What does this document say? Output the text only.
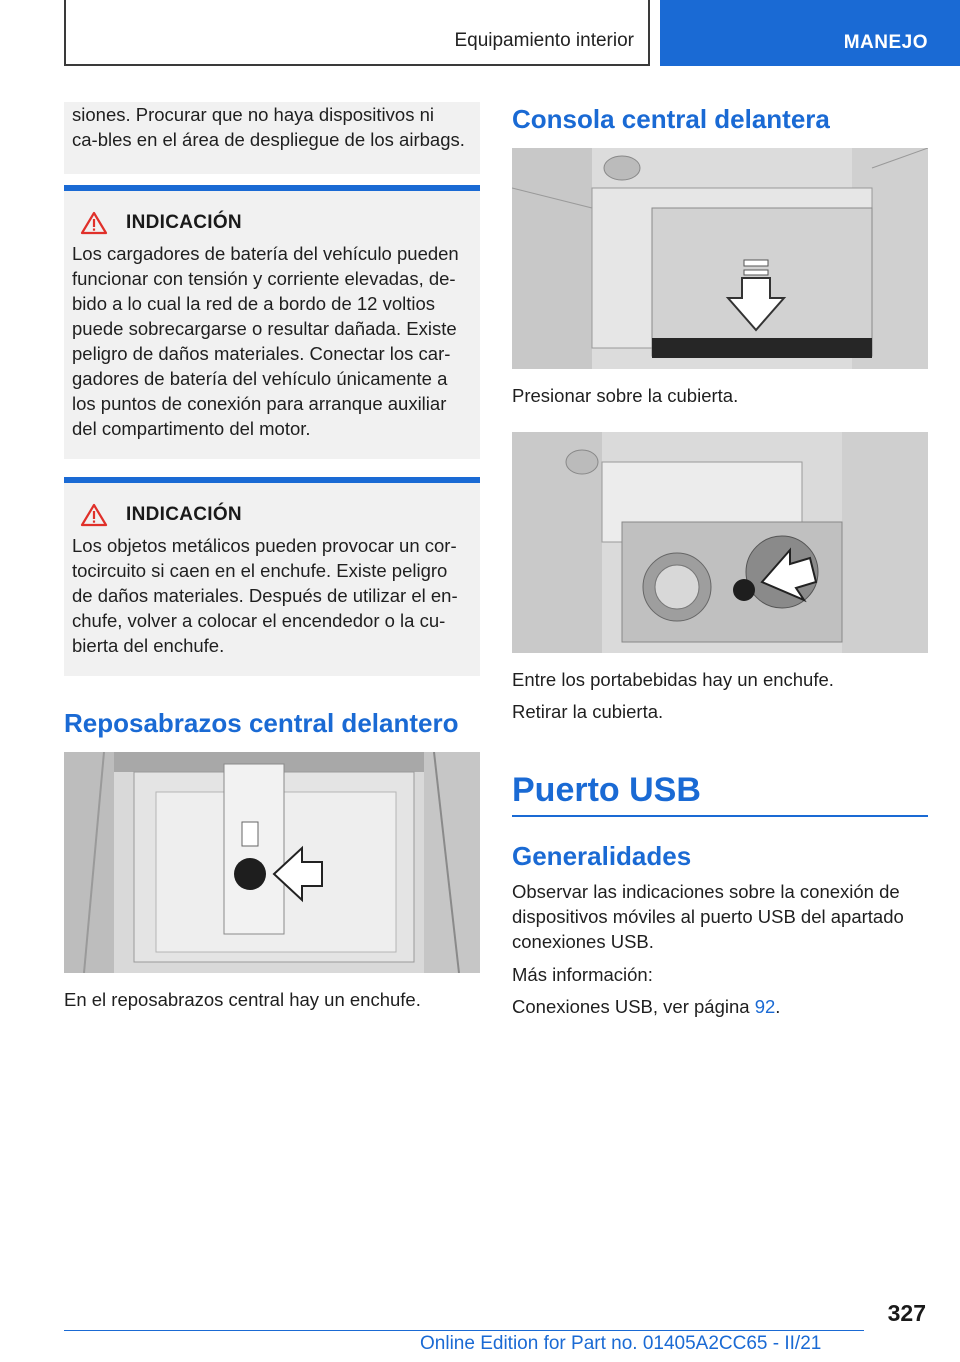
Equipamiento interior	MANEJO

siones. Procurar que no haya dispositivos ni ca‑bles en el área de despliegue de los airbags.

INDICACIÓN
Los cargadores de batería del vehículo pueden
funcionar con tensión y corriente elevadas, de‑
bido a lo cual la red de a bordo de 12 voltios
puede sobrecargarse o resultar dañada. Existe
peligro de daños materiales. Conectar los car‑
gadores de batería del vehículo únicamente a
los puntos de conexión para arranque auxiliar
del compartimento del motor.
INDICACIÓN
Los objetos metálicos pueden provocar un cor‑
tocircuito si caen en el enchufe. Existe peligro
de daños materiales. Después de utilizar el en‑
chufe, volver a colocar el encendedor o la cu‑
bierta del enchufe.
Reposabrazos central delantero

En el reposabrazos central hay un enchufe.

Consola central delantera

Presionar sobre la cubierta.

Entre los portabebidas hay un enchufe.

Retirar la cubierta.

Puerto USB
Generalidades
Observar las indicaciones sobre la conexión de
dispositivos móviles al puerto USB del apartado
conexiones USB.

Más información:

Conexiones USB, ver página 92.

327
Online Edition for Part no. 01405A2CC65 - II/21
